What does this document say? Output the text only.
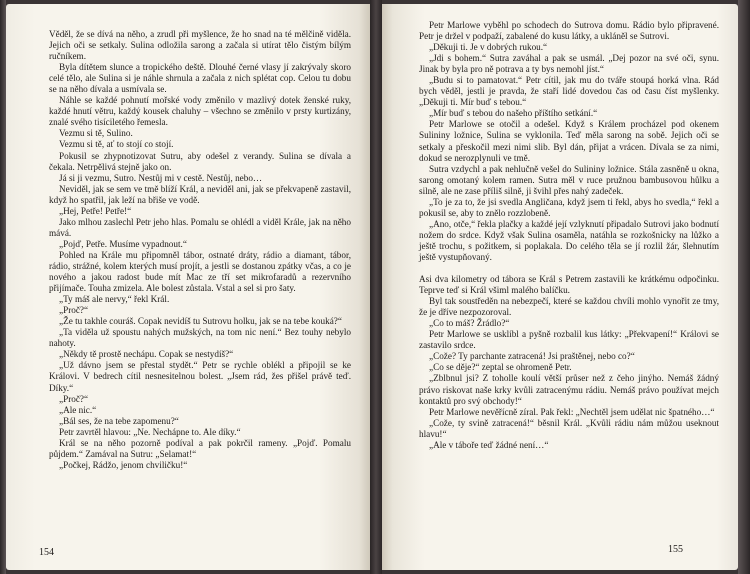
Věděl, že se dívá na něho, a zrudl při myšlence, že ho snad na té mělčině viděla. Jejich oči se setkaly. Sulina odložila sarong a začala si utírat tělo čistým bílým ručníkem.

Byla dítětem slunce a tropického deště. Dlouhé černé vlasy jí zakrývaly skoro celé tělo, ale Sulina si je náhle shrnula a začala z nich splétat cop. Celou tu dobu se na něho dívala a usmívala se.

Náhle se každé pohnutí mořské vody změnilo v mazlivý dotek ženské ruky, každé hnutí větru, každý kousek chaluhy – všechno se změnilo v prsty kurtizány, znalé svého tisíciletého řemesla.

Vezmu si tě, Sulino.

Vezmu si tě, ať to stojí co stojí.

Pokusil se zhypnotizovat Sutru, aby odešel z verandy. Sulina se dívala a čekala. Netrpělivá stejně jako on.

Já si ji vezmu, Sutro. Nestůj mi v cestě. Nestůj, nebo…

Neviděl, jak se sem ve tmě blíží Král, a neviděl ani, jak se překvapeně zastavil, když ho spatřil, jak leží na břiše ve vodě.

„Hej, Petře! Petře!“

Jako mlhou zaslechl Petr jeho hlas. Pomalu se ohlédl a viděl Krále, jak na něho mává.

„Pojď, Petře. Musíme vypadnout.“

Pohled na Krále mu připomněl tábor, ostnaté dráty, rádio a diamant, tábor, rádio, strážné, kolem kterých musí projít, a jestli se dostanou zpátky včas, a co je nového a jakou radost bude mít Mac ze tří set mikrofaradů a rezervního přijímače. Touha zmizela. Ale bolest zůstala. Vstal a sel si pro šaty.

„Ty máš ale nervy,“ řekl Král.

„Proč?“

„Že tu takhle couráš. Copak nevidíš tu Sutrovu holku, jak se na tebe kouká?“

„Ta viděla už spoustu nahých mužských, na tom nic není.“ Bez touhy nebylo nahoty.

„Někdy tě prostě nechápu. Copak se nestydíš?“

„Už dávno jsem se přestal stydět.“ Petr se rychle oblékl a připojil se ke Královi. V bedrech cítil nesnesitelnou bolest. „Jsem rád, žes přišel právě teď. Díky.“

„Proč?“

„Ale nic.“

„Bál ses, že na tebe zapomenu?“

Petr zavrtěl hlavou: „Ne. Nechápne to. Ale díky.“

Král se na něho pozorně podíval a pak pokrčil rameny. „Pojď. Pomalu půjdem.“ Zamával na Sutru: „Selamat!“

„Počkej, Rádžo, jenom chviličku!“

154

Petr Marlowe vyběhl po schodech do Sutrova domu. Rádio bylo připravené. Petr je držel v podpaží, zabalené do kusu látky, a ukláněl se Sutrovi.

„Děkuji ti. Je v dobrých rukou.“

„Jdi s bohem.“ Sutra zaváhal a pak se usmál. „Dej pozor na své oči, synu. Jinak by byla pro ně potrava a ty bys nemohl jíst.“

„Budu si to pamatovat.“ Petr cítil, jak mu do tváře stoupá horká vlna. Rád bych věděl, jestli je pravda, že staří lidé dovedou čas od času číst myšlenky. „Děkuji ti. Mír buď s tebou.“

„Mír buď s tebou do našeho příštího setkání.“

Petr Marlowe se otočil a odešel. Když s Králem procházel pod okenem Sulininy ložnice, Sulina se vyklonila. Teď měla sarong na sobě. Jejich oči se setkaly a přeskočil mezi nimi slib. Byl dán, přijat a vrácen. Dívala se za nimi, dokud se nerozplynuli ve tmě.

Sutra vzdychl a pak nehlučně vešel do Sulininy ložnice. Stála zasněně u okna, sarong omotaný kolem ramen. Sutra měl v ruce pružnou bambusovou hůlku a silně, ale ne zase příliš silně, ji švihl přes nahý zadeček.

„To je za to, že jsi svedla Angličana, když jsem ti řekl, abys ho svedla,“ řekl a pokusil se, aby to znělo rozzlobeně.

„Ano, otče,“ řekla plačky a každé její vzlyknutí připadalo Sutrovi jako bodnutí nožem do srdce. Když však Sulina osaměla, natáhla se rozkošnicky na lůžko a ještě trochu, s požitkem, si poplakala. Do celého těla se jí rozlil žár, šlehnutím ještě vystupňovaný.

Asi dva kilometry od tábora se Král s Petrem zastavili ke krátkému odpočinku. Teprve teď si Král všiml malého balíčku.

Byl tak soustředěn na nebezpečí, které se každou chvíli mohlo vynořit ze tmy, že je dříve nezpozoroval.

„Co to máš? Žrádlo?“

Petr Marlowe se usklíbl a pyšně rozbalil kus látky: „Překvapení!“ Královi se zastavilo srdce.

„Cože? Ty parchante zatracená! Jsi praštěnej, nebo co?“

„Co se děje?“ zeptal se ohromeně Petr.

„Zblbnul jsi? Z toholle koulí větší průser než z čeho jinýho. Nemáš žádný právo riskovat naše krky kvůli zatracenýmu rádiu. Nemáš právo používat mejch kontaktů pro svý obchody!“

Petr Marlowe nevěřícně zíral. Pak řekl: „Nechtěl jsem udělat nic špatného…“

„Cože, ty svině zatracená!“ běsnil Král. „Kvůli rádiu nám můžou useknout hlavu!“

„Ale v táboře teď žádné není…“

155
